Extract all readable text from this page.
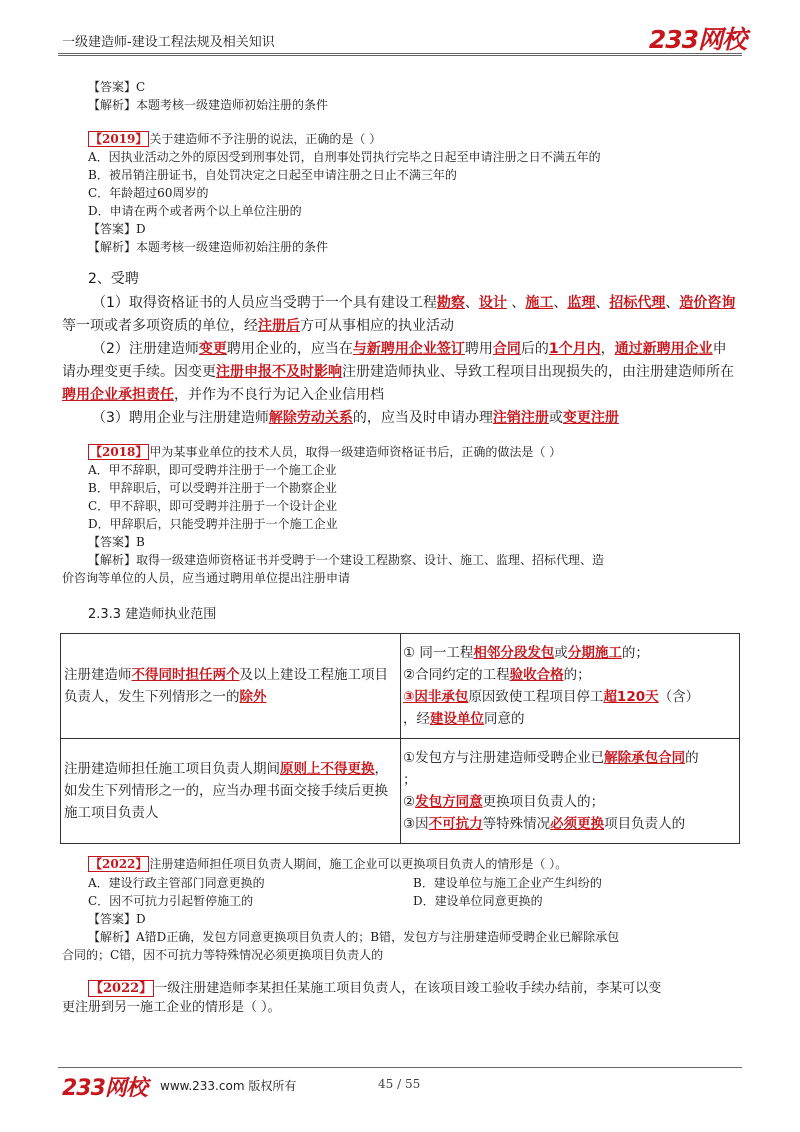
一级建造师-建设工程法规及相关知识	233网校
【答案】C
【解析】本题考核一级建造师初始注册的条件
【2019】 关于建造师不予注册的说法，正确的是（ ）
A．因执业活动之外的原因受到刑事处罚，自刑事处罚执行完毕之日起至申请注册之日不满五年的
B．被吊销注册证书，自处罚决定之日起至申请注册之日止不满三年的
C．年龄超过60周岁的
D．申请在两个或者两个以上单位注册的
【答案】D
【解析】本题考核一级建造师初始注册的条件
2、受聘
（1）取得资格证书的人员应当受聘于一个具有建设工程勘察、设计 、施工、监理、招标代理、造价咨询等一项或者多项资质的单位，经注册后方可从事相应的执业活动
（2）注册建造师变更聘用企业的，应当在与新聘用企业签订聘用合同后的1个月内，通过新聘用企业申请办理变更手续。因变更注册申报不及时影响注册建造师执业、导致工程项目出现损失的，由注册建造师所在聘用企业承担责任，并作为不良行为记入企业信用档
（3）聘用企业与注册建造师解除劳动关系的，应当及时申请办理注销注册或变更注册
【2018】 甲为某事业单位的技术人员，取得一级建造师资格证书后，正确的做法是（ ）
A．甲不辞职，即可受聘并注册于一个施工企业
B．甲辞职后，可以受聘并注册于一个勘察企业
C．甲不辞职，即可受聘并注册于一个设计企业
D．甲辞职后，只能受聘并注册于一个施工企业
【答案】B
【解析】取得一级建造师资格证书并受聘于一个建设工程勘察、设计、施工、监理、招标代理、造
价咨询等单位的人员，应当通过聘用单位提出注册申请
2.3.3 建造师执业范围
注册建造师不得同时担任两个及以上建设工程施工项目负责人，发生下列情形之一的除外	① 同一工程相邻分段发包或分期施工的；
②合同约定的工程验收合格的；
③因非承包原因致使工程项目停工超120天（含）
，经建设单位同意的

注册建造师担任施工项目负责人期间原则上不得更换，如发生下列情形之一的，应当办理书面交接手续后更换施工项目负责人	①发包方与注册建造师受聘企业已解除承包合同的
；
②发包方同意更换项目负责人的；
③因不可抗力等特殊情况必须更换项目负责人的
【2022】 注册建造师担任项目负责人期间，施工企业可以更换项目负责人的情形是（ ）。
A．建设行政主管部门同意更换的	B．建设单位与施工企业产生纠纷的
C．因不可抗力引起暂停施工的	D．建设单位同意更换的
【答案】D
【解析】A错D正确，发包方同意更换项目负责人的；B错，发包方与注册建造师受聘企业已解除承包
合同的；C错，因不可抗力等特殊情况必须更换项目负责人的
【2022】 一级注册建造师李某担任某施工项目负责人，在该项目竣工验收手续办结前，李某可以变
更注册到另一施工企业的情形是（ ）。
233网校 www.233.com 版权所有	45 / 55
